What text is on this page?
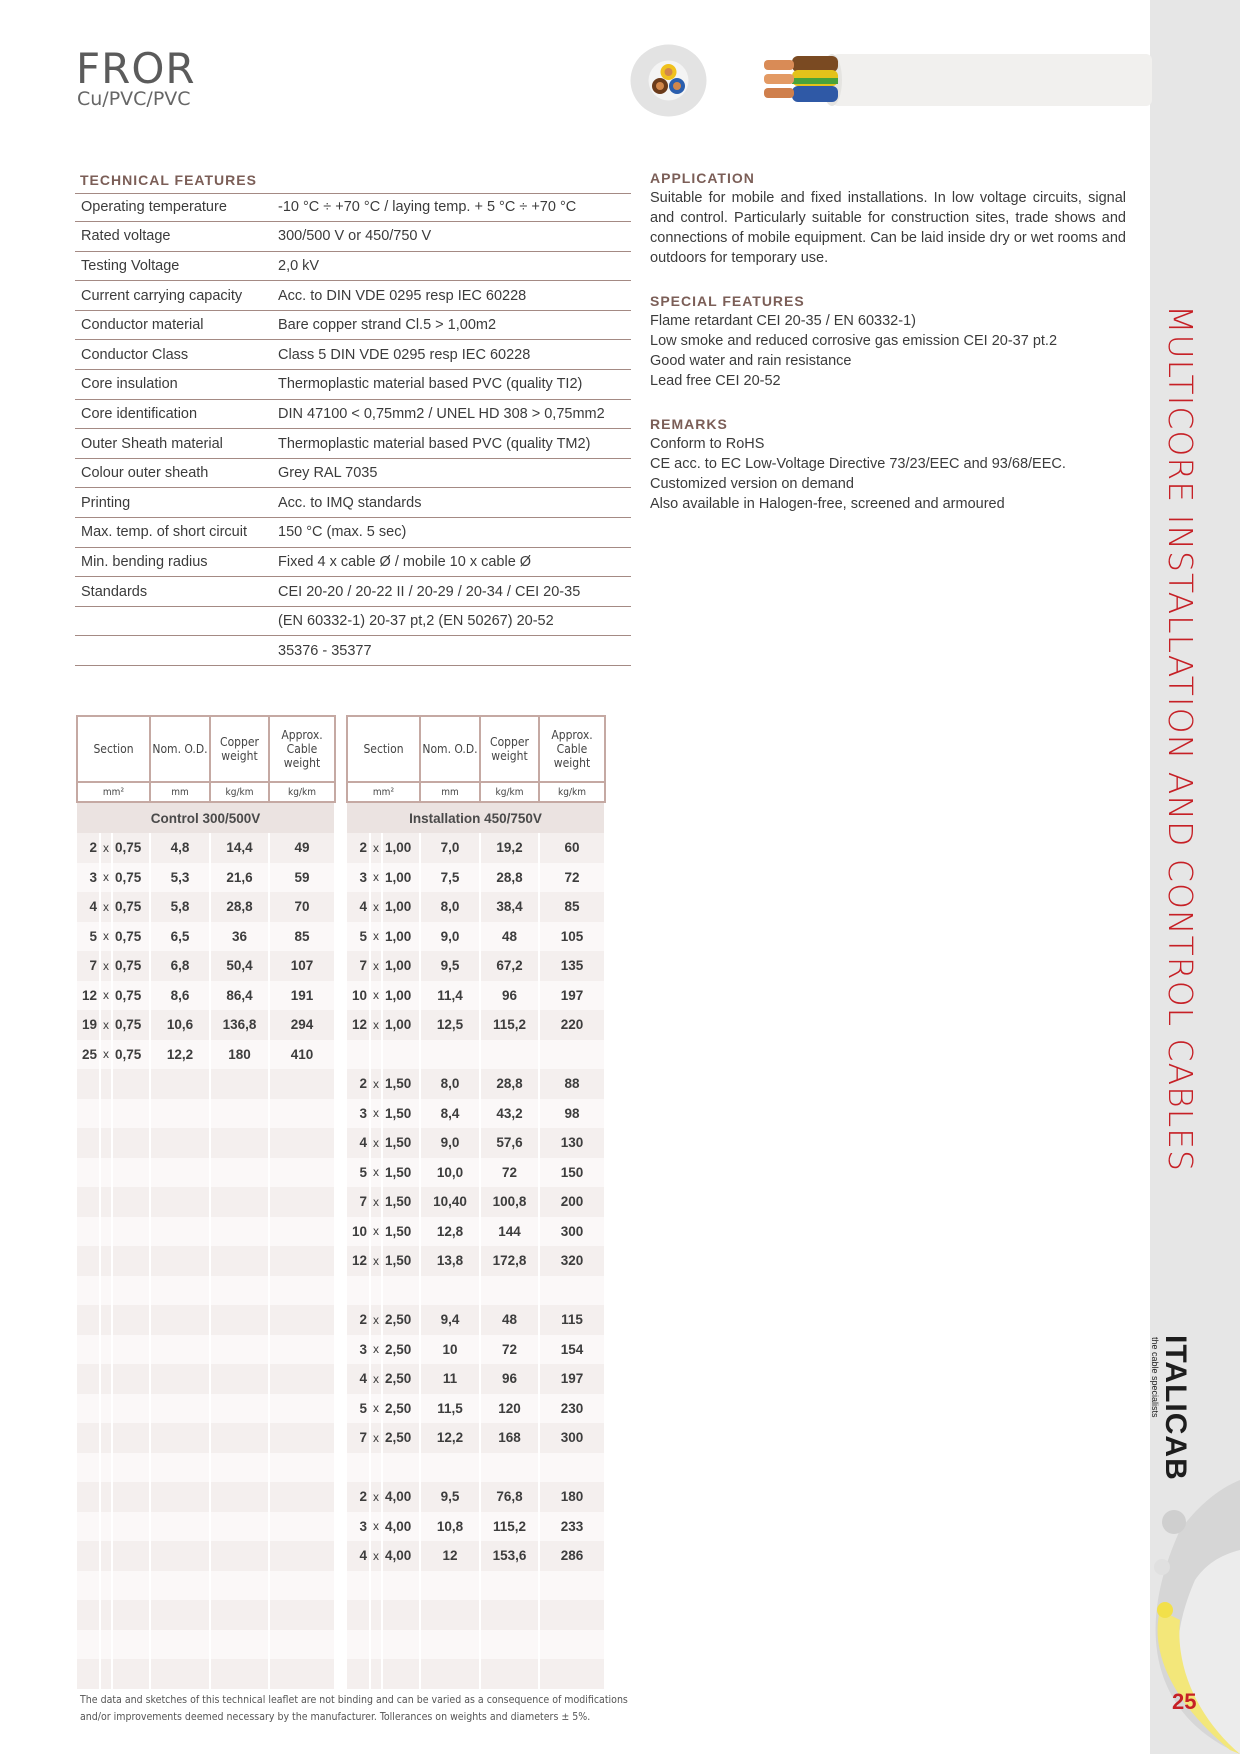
MULTICORE INSTALLATION AND CONTROL CABLES
ITALICAB
the cable specialists
25
FROR
Cu/PVC/PVC
TECHNICAL FEATURES
Operating temperature	-10 °C ÷ +70 °C / laying temp. + 5 °C ÷ +70 °C
Rated voltage	300/500 V or 450/750 V
Testing Voltage	2,0 kV
Current carrying capacity	Acc. to DIN VDE 0295 resp IEC 60228
Conductor material	Bare copper strand Cl.5 > 1,00m2
Conductor Class	Class 5 DIN VDE 0295 resp IEC 60228
Core insulation	Thermoplastic material based PVC (quality TI2)
Core identification	DIN 47100 < 0,75mm2 / UNEL HD 308 > 0,75mm2
Outer Sheath material	Thermoplastic material based PVC (quality TM2)
Colour outer sheath	Grey RAL 7035
Printing	Acc. to IMQ standards
Max. temp. of short circuit	150 °C (max. 5 sec)
Min. bending radius	Fixed 4 x cable Ø / mobile 10 x cable Ø
Standards	CEI 20-20 / 20-22 II / 20-29 / 20-34 / CEI 20-35
	(EN 60332-1) 20-37 pt,2 (EN 50267) 20-52
	35376 - 35377
APPLICATION

Suitable for mobile and fixed installations. In low voltage circuits, signal and control. Particularly suitable for construction sites, trade shows and connections of mobile equipment. Can be laid inside dry or wet rooms and outdoors for temporary use.

SPECIAL FEATURES

Flame retardant CEI 20-35 / EN 60332-1)

Low smoke and reduced corrosive gas emission CEI 20-37 pt.2

Good water and rain resistance

Lead free CEI 20-52

REMARKS

Conform to RoHS

CE acc. to EC Low-Voltage Directive 73/23/EEC and 93/68/EEC.

Customized version on demand

Also available in Halogen-free, screened and armoured

Section			Nom. O.D.	Copper weight	Approx. Cable weight
mm²			mm	kg/km	kg/km
Control 300/500V					
2	x	0,75	4,8	14,4	49
3	x	0,75	5,3	21,6	59
4	x	0,75	5,8	28,8	70
5	x	0,75	6,5	36	85
7	x	0,75	6,8	50,4	107
12	x	0,75	8,6	86,4	191
19	x	0,75	10,6	136,8	294
25	x	0,75	12,2	180	410

Section			Nom. O.D.	Copper weight	Approx. Cable weight
mm²			mm	kg/km	kg/km
Installation 450/750V					
2	x	1,00	7,0	19,2	60
3	x	1,00	7,5	28,8	72
4	x	1,00	8,0	38,4	85
5	x	1,00	9,0	48	105
7	x	1,00	9,5	67,2	135
10	x	1,00	11,4	96	197
12	x	1,00	12,5	115,2	220

2	x	1,50	8,0	28,8	88
3	x	1,50	8,4	43,2	98
4	x	1,50	9,0	57,6	130
5	x	1,50	10,0	72	150
7	x	1,50	10,40	100,8	200
10	x	1,50	12,8	144	300
12	x	1,50	13,8	172,8	320

2	x	2,50	9,4	48	115
3	x	2,50	10	72	154
4	x	2,50	11	96	197
5	x	2,50	11,5	120	230
7	x	2,50	12,2	168	300

2	x	4,00	9,5	76,8	180
3	x	4,00	10,8	115,2	233
4	x	4,00	12	153,6	286

The data and sketches of this technical leaflet are not binding and can be varied as a consequence of modifications
and/or improvements deemed necessary by the manufacturer. Tollerances on weights and diameters ± 5%.
